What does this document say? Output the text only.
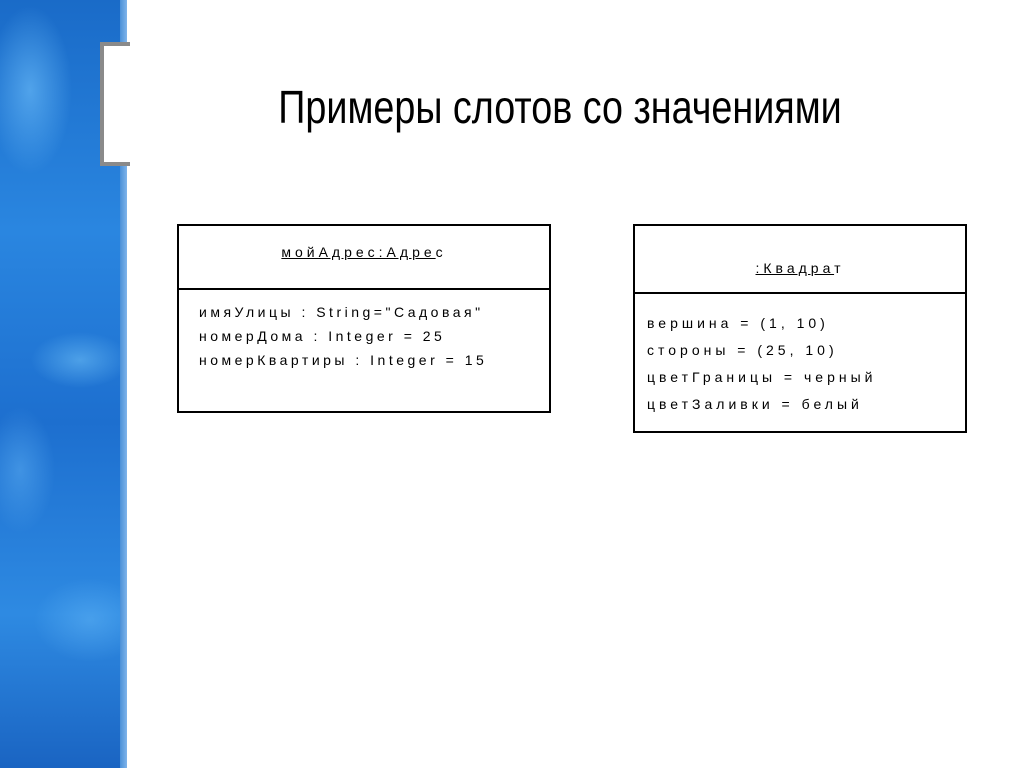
Примеры слотов со значениями
мойАдрес:Адрес
имяУлицы : String="Садовая"
номерДома : Integer = 25
номерКвартиры : Integer = 15
:Квадрат
вершина = (1, 10)
стороны = (25, 10)
цветГраницы = черный
цветЗаливки = белый
